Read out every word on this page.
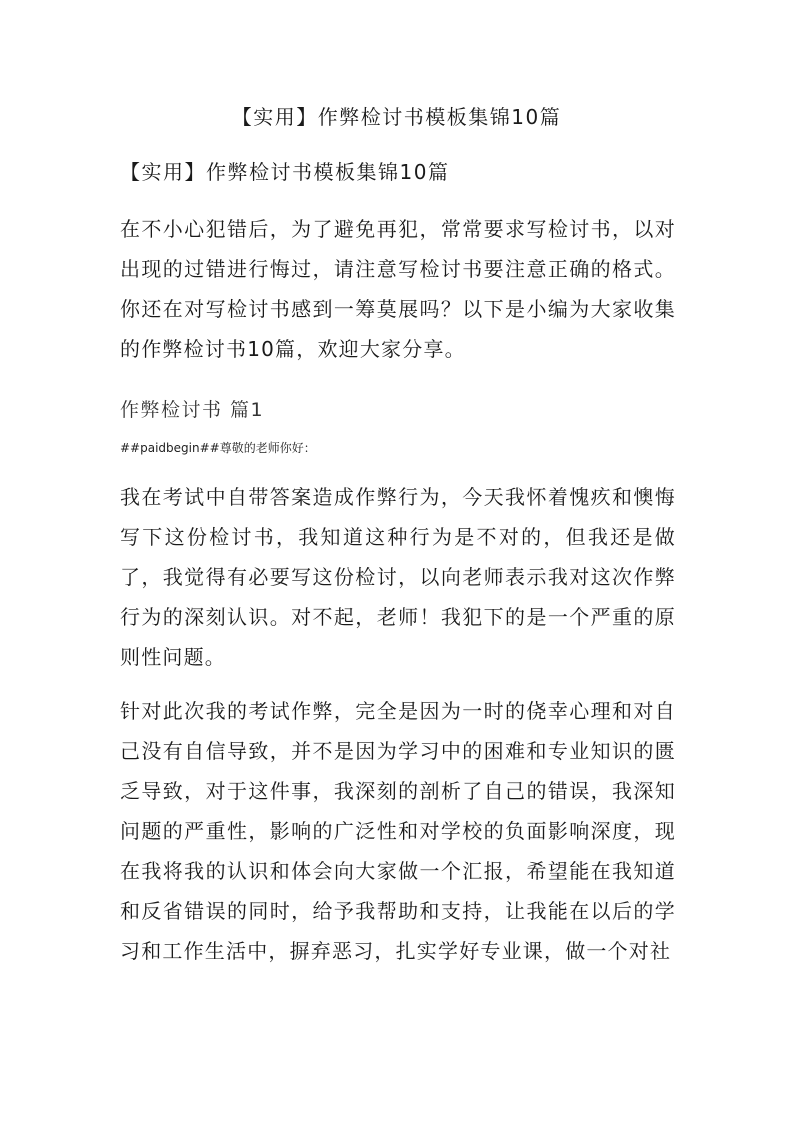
【实用】作弊检讨书模板集锦10篇
【实用】作弊检讨书模板集锦10篇

在不小心犯错后，为了避免再犯，常常要求写检讨书，以对出现的过错进行悔过，请注意写检讨书要注意正确的格式。你还在对写检讨书感到一筹莫展吗？以下是小编为大家收集的作弊检讨书10篇，欢迎大家分享。

作弊检讨书 篇1

##paidbegin##尊敬的老师你好：

我在考试中自带答案造成作弊行为，今天我怀着愧疚和懊悔写下这份检讨书，我知道这种行为是不对的，但我还是做了，我觉得有必要写这份检讨，以向老师表示我对这次作弊行为的深刻认识。对不起，老师！我犯下的是一个严重的原则性问题。

针对此次我的考试作弊，完全是因为一时的侥幸心理和对自己没有自信导致，并不是因为学习中的困难和专业知识的匮乏导致，对于这件事，我深刻的剖析了自己的错误，我深知问题的严重性，影响的广泛性和对学校的负面影响深度，现在我将我的认识和体会向大家做一个汇报，希望能在我知道和反省错误的同时，给予我帮助和支持，让我能在以后的学习和工作生活中，摒弃恶习，扎实学好专业课，做一个对社
